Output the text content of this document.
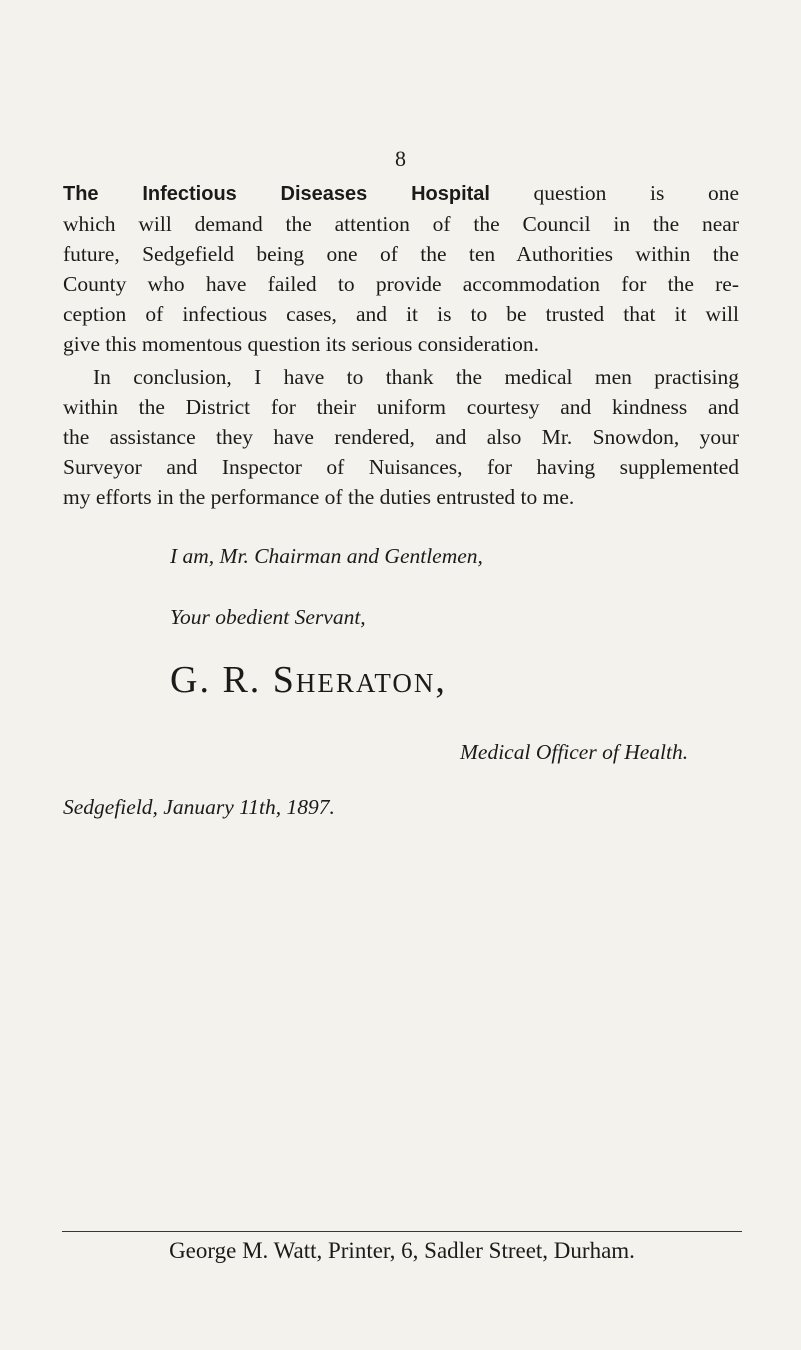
8
The Infectious Diseases Hospital question is one
which will demand the attention of the Council in the near
future, Sedgefield being one of the ten Authorities within the
County who have failed to provide accommodation for the re-
ception of infectious cases, and it is to be trusted that it will
give this momentous question its serious consideration.
In conclusion, I have to thank the medical men practising
within the District for their uniform courtesy and kindness and
the assistance they have rendered, and also Mr. Snowdon, your
Surveyor and Inspector of Nuisances, for having supplemented
my efforts in the performance of the duties entrusted to me.
I am, Mr. Chairman and Gentlemen,
Your obedient Servant,
G. R. Sheraton,
Medical Officer of Health.
Sedgefield, January 11th, 1897.
George M. Watt, Printer, 6, Sadler Street, Durham.
